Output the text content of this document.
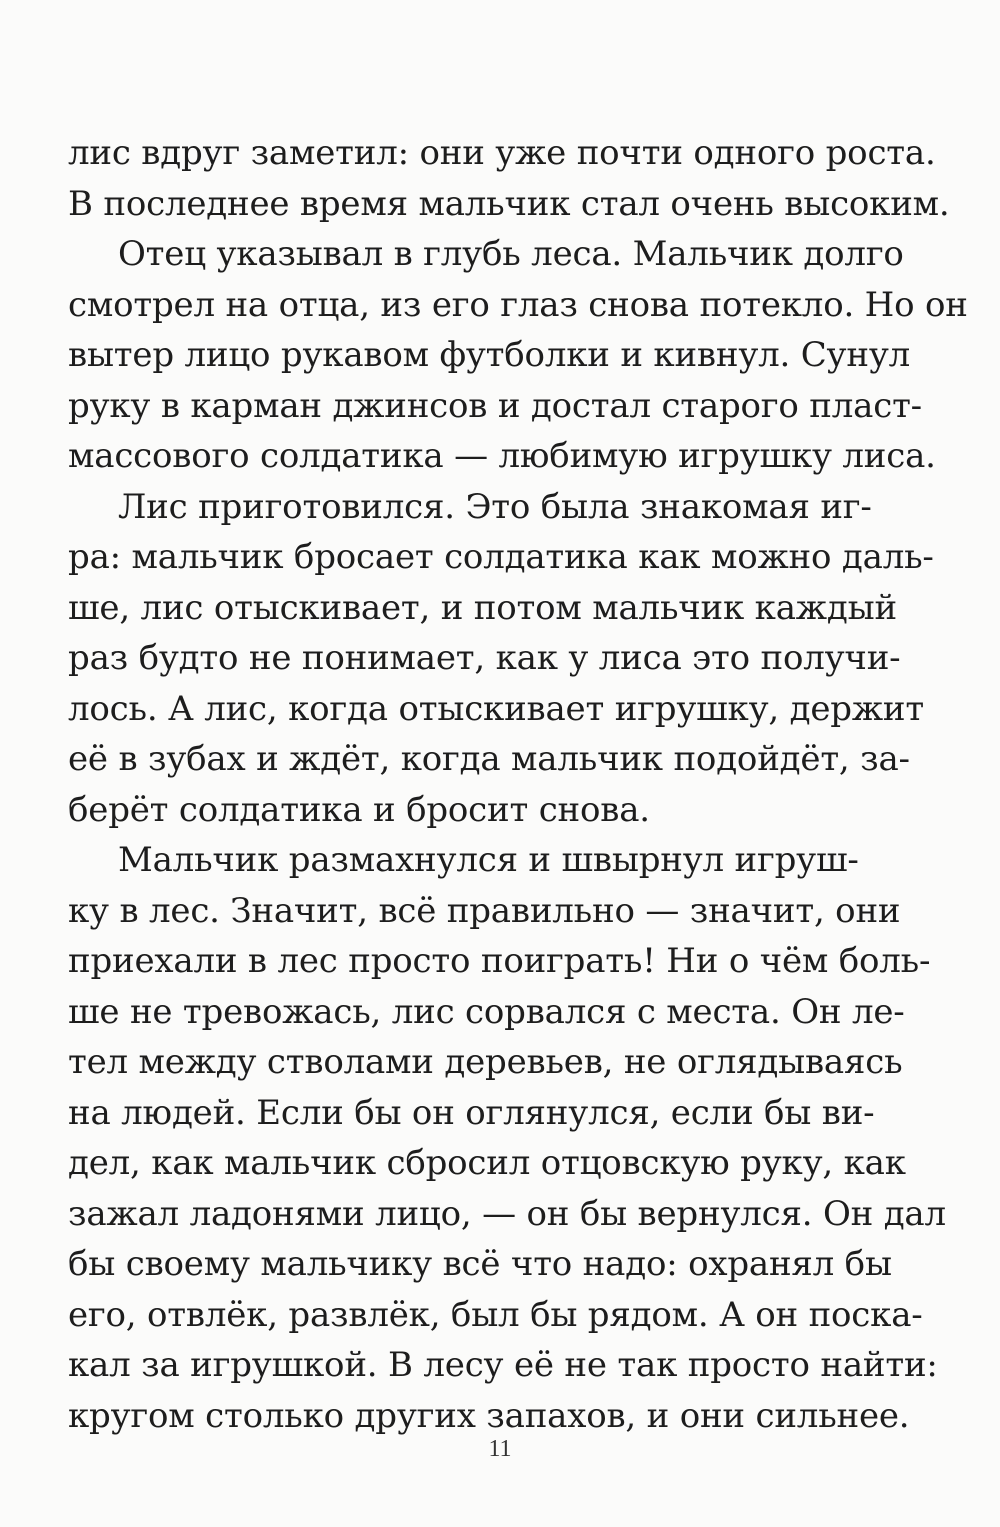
лис вдруг заметил: они уже почти одного роста.
В последнее время мальчик стал очень высоким.
Отец указывал в глубь леса. Мальчик долго
смотрел на отца, из его глаз снова потекло. Но он
вытер лицо рукавом футболки и кивнул. Сунул
руку в карман джинсов и достал старого пласт-
массового солдатика — любимую игрушку лиса.
Лис приготовился. Это была знакомая иг-
ра: мальчик бросает солдатика как можно даль-
ше, лис отыскивает, и потом мальчик каждый
раз будто не понимает, как у лиса это получи-
лось. А лис, когда отыскивает игрушку, держит
её в зубах и ждёт, когда мальчик подойдёт, за-
берёт солдатика и бросит снова.
Мальчик размахнулся и швырнул игруш-
ку в лес. Значит, всё правильно — значит, они
приехали в лес просто поиграть! Ни о чём боль-
ше не тревожась, лис сорвался с места. Он ле-
тел между стволами деревьев, не оглядываясь
на людей. Если бы он оглянулся, если бы ви-
дел, как мальчик сбросил отцовскую руку, как
зажал ладонями лицо, — он бы вернулся. Он дал
бы своему мальчику всё что надо: охранял бы
его, отвлёк, развлёк, был бы рядом. А он поска-
кал за игрушкой. В лесу её не так просто найти:
кругом столько других запахов, и они сильнее.
11
